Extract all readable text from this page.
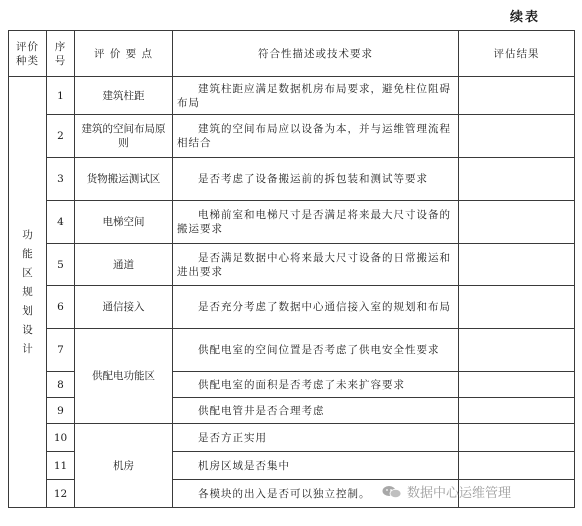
续表
评价种类	序号	评 价 要 点	符合性描述或技术要求	评估结果
功能区规划设计	1	建筑柱距	建筑柱距应满足数据机房布局要求，避免柱位阻碍布局	
	2	建筑的空间布局原则	建筑的空间布局应以设备为本，并与运维管理流程相结合	
	3	货物搬运测试区	是否考虑了设备搬运前的拆包装和测试等要求	
	4	电梯空间	电梯前室和电梯尺寸是否满足将来最大尺寸设备的搬运要求	
	5	通道	是否满足数据中心将来最大尺寸设备的日常搬运和进出要求	
	6	通信接入	是否充分考虑了数据中心通信接入室的规划和布局	
	7	供配电功能区	供配电室的空间位置是否考虑了供电安全性要求	
	8		供配电室的面积是否考虑了未来扩容要求	
	9		供配电管井是否合理考虑	
	10	机房	是否方正实用	
	11		机房区域是否集中	
	12		各模块的出入是否可以独立控制。		数据中心运维管理
